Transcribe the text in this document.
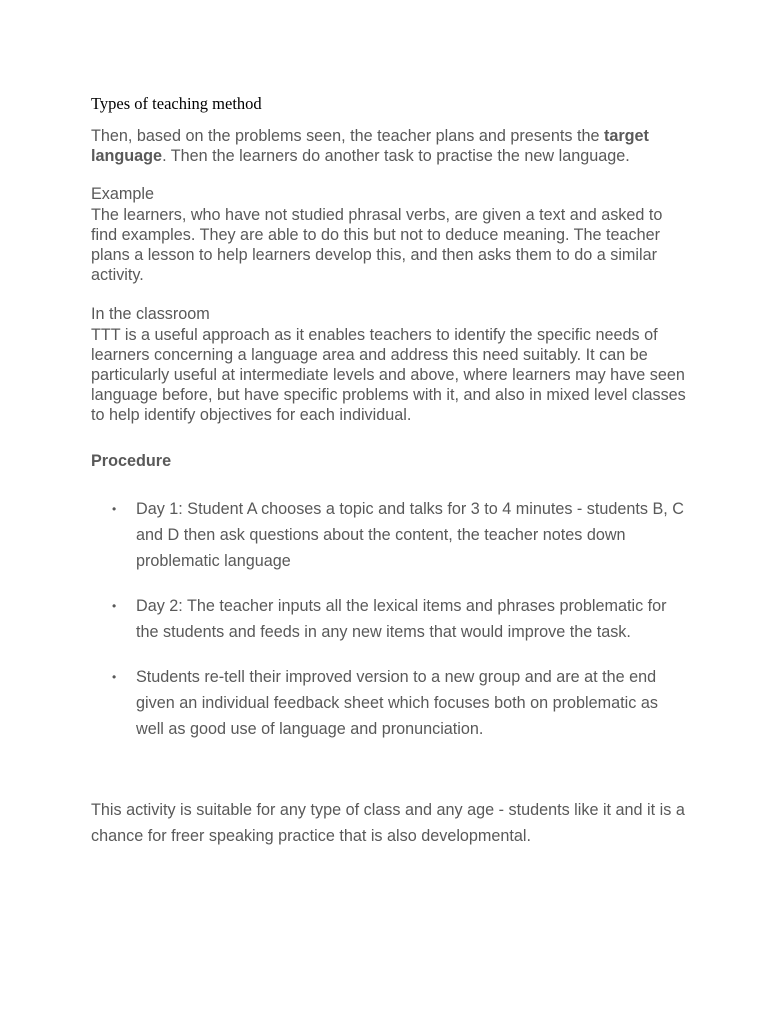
Types of teaching method

Then, based on the problems seen, the teacher plans and presents the target language. Then the learners do another task to practise the new language.

Example

The learners, who have not studied phrasal verbs, are given a text and asked to find examples. They are able to do this but not to deduce meaning. The teacher plans a lesson to help learners develop this, and then asks them to do a similar activity.

In the classroom

TTT is a useful approach as it enables teachers to identify the specific needs of learners concerning a language area and address this need suitably. It can be particularly useful at intermediate levels and above, where learners may have seen language before, but have specific problems with it, and also in mixed level classes to help identify objectives for each individual.

Procedure
• Day 1: Student A chooses a topic and talks for 3 to 4 minutes - students B, C and D then ask questions about the content, the teacher notes down problematic language
• Day 2: The teacher inputs all the lexical items and phrases problematic for the students and feeds in any new items that would improve the task.
• Students re-tell their improved version to a new group and are at the end given an individual feedback sheet which focuses both on problematic as well as good use of language and pronunciation.

This activity is suitable for any type of class and any age - students like it and it is a chance for freer speaking practice that is also developmental.
